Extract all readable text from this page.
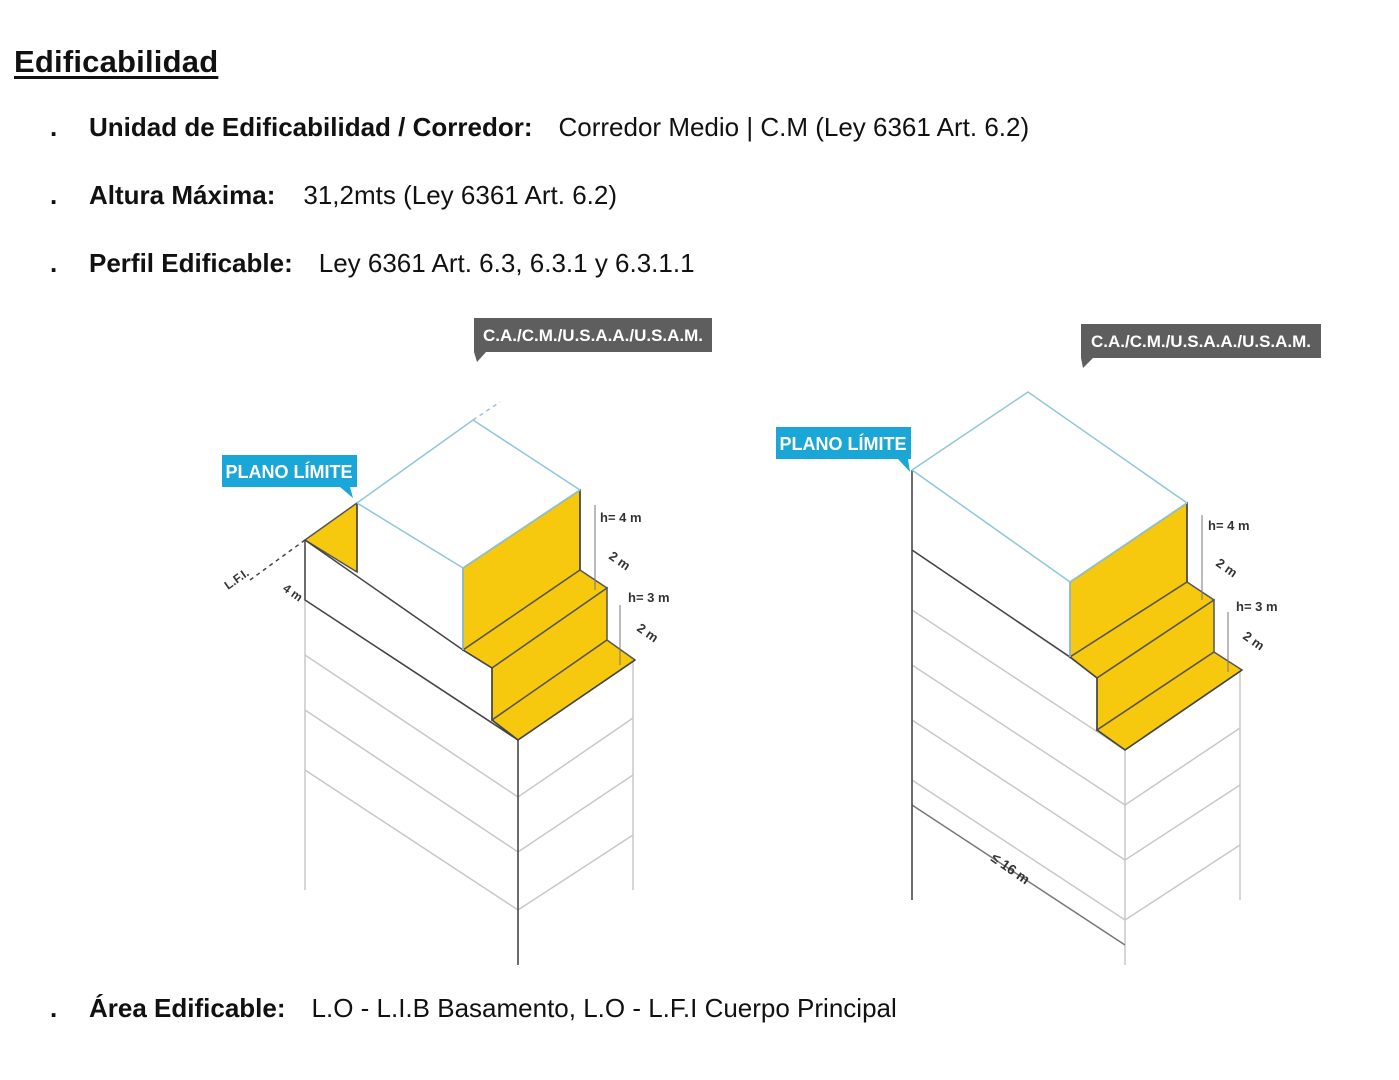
Edificabilidad
. Unidad de Edificabilidad / Corredor: Corredor Medio | C.M (Ley 6361 Art. 6.2)
. Altura Máxima: 31,2mts (Ley 6361 Art. 6.2)
. Perfil Edificable: Ley 6361 Art. 6.3, 6.3.1 y 6.3.1.1
PLANO LÍMITE
C.A./C.M./U.S.A.A./U.S.A.M.
h= 4 m
2 m
h= 3 m
2 m
4 m
L.F.I.
PLANO LÍMITE
C.A./C.M./U.S.A.A./U.S.A.M.
h= 4 m
2 m
h= 3 m
2 m
≤ 16 m
. Área Edificable: L.O - L.I.B Basamento, L.O - L.F.I Cuerpo Principal
